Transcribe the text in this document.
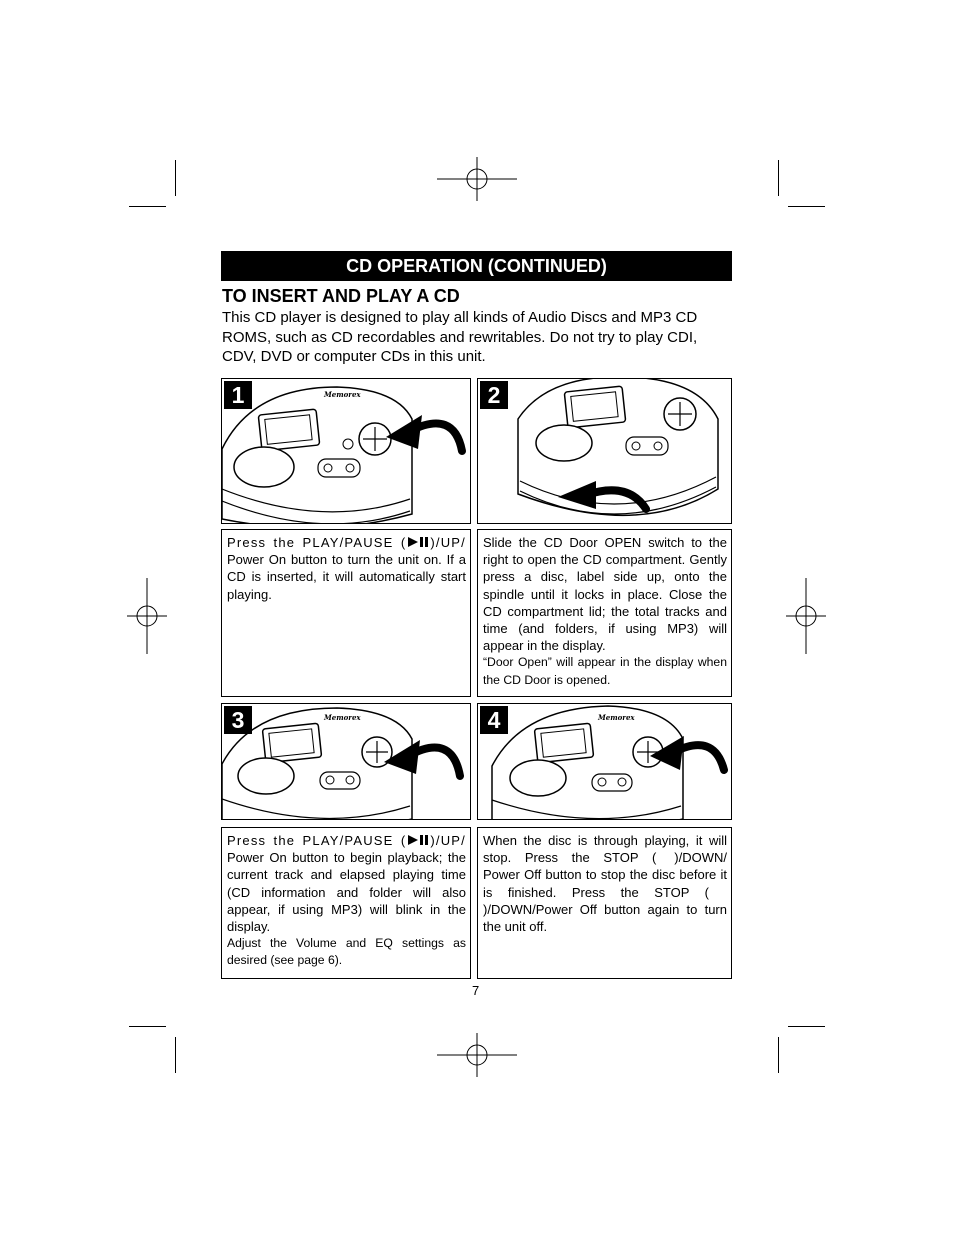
CD OPERATION (CONTINUED)
TO INSERT AND PLAY A CD
This CD player is designed to play all kinds of Audio Discs and MP3 CD ROMS, such as CD recordables and rewritables. Do not try to play CDI, CDV, DVD or computer CDs in this unit.
Memorex
1	2

Press the PLAY/PAUSE ( )/UP/ Power On button to turn the unit on. If a CD is inserted, it will automatically start playing.

Slide the CD Door OPEN switch to the right to open the CD compartment. Gently press a disc, label side up, onto the spindle until it locks in place. Close the CD compartment lid; the total tracks and time (and folders, if using MP3) will appear in the display.

“Door Open” will appear in the display when the CD Door is opened.

Memorex
3	Memorex
4

Press the PLAY/PAUSE ( )/UP/ Power On button to begin playback; the current track and elapsed playing time (CD information and folder will also appear, if using MP3) will blink in the display.

Adjust the Volume and EQ settings as desired (see page 6).

When the disc is through playing, it will stop. Press the STOP ( )/DOWN/ Power Off button to stop the disc before it is finished. Press the STOP ()/DOWN/Power Off button again to turn the unit off.

7
